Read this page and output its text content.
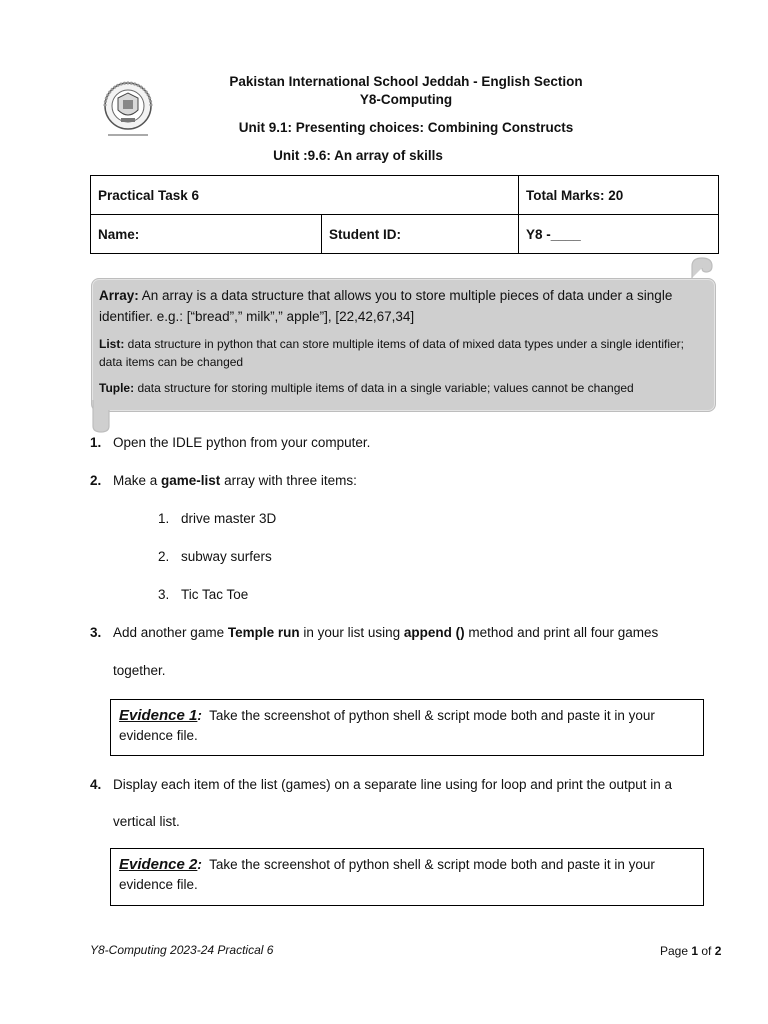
Pakistan International School Jeddah - English Section
Y8-Computing
Unit 9.1: Presenting choices: Combining Constructs
Unit :9.6: An array of skills
Practical Task 6		Total Marks: 20
Name:	Student ID:	Y8 -____

Array: An array is a data structure that allows you to store multiple pieces of data under a single identifier. e.g.: [“bread”,” milk”,” apple”], [22,42,67,34]

List: data structure in python that can store multiple items of data of mixed data types under a single identifier; data items can be changed

Tuple: data structure for storing multiple items of data in a single variable; values cannot be changed

1. Open the IDLE python from your computer.
2. Make a game-list array with three items:
1. drive master 3D
2. subway surfers
3. Tic Tac Toe
3. Add another game Temple run in your list using append () method and print all four games
together.
Evidence 1: Take the screenshot of python shell & script mode both and paste it in your
evidence file.
4. Display each item of the list (games) on a separate line using for loop and print the output in a
vertical list.
Evidence 2: Take the screenshot of python shell & script mode both and paste it in your
evidence file.
Y8-Computing 2023-24 Practical 6	Page 1 of 2
